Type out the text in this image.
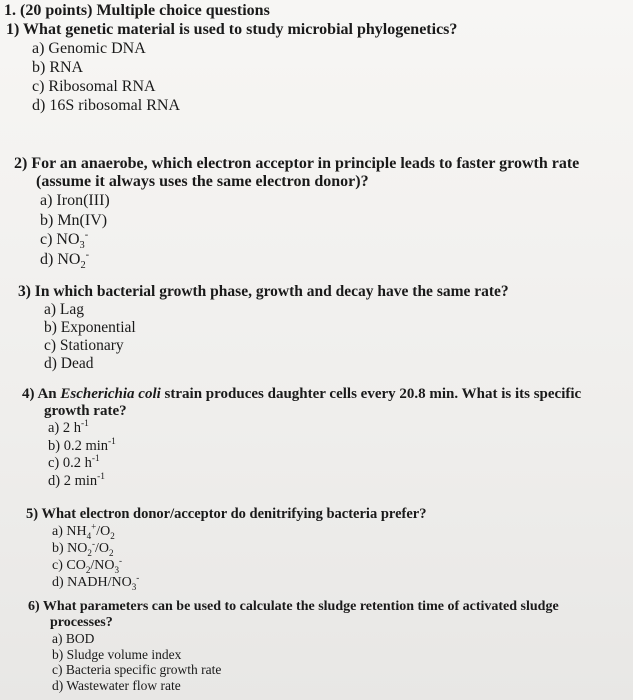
1. (20 points) Multiple choice questions
1) What genetic material is used to study microbial phylogenetics?
a) Genomic DNA
b) RNA
c) Ribosomal RNA
d) 16S ribosomal RNA
2) For an anaerobe, which electron acceptor in principle leads to faster growth rate
(assume it always uses the same electron donor)?
a) Iron(III)
b) Mn(IV)
c) $NO_3^-$
d) $NO_2^-$
3) In which bacterial growth phase, growth and decay have the same rate?
a) Lag
b) Exponential
c) Stationary
d) Dead
4) An Escherichia coli strain produces daughter cells every 20.8 min. What is its specific
growth rate?
a) 2 $h^{-1}$
b) 0.2 $\min^{-1}$
c) 0.2 $h^{-1}$
d) 2 $\min^{-1}$
5) What electron donor/acceptor do denitrifying bacteria prefer?
a) $NH_4^+/O_2$
b) $NO_2^-/O_2$
c) $CO_2/NO_3^-$
d) NADH/$NO_3^-$
6) What parameters can be used to calculate the sludge retention time of activated sludge
processes?
a) BOD
b) Sludge volume index
c) Bacteria specific growth rate
d) Wastewater flow rate
